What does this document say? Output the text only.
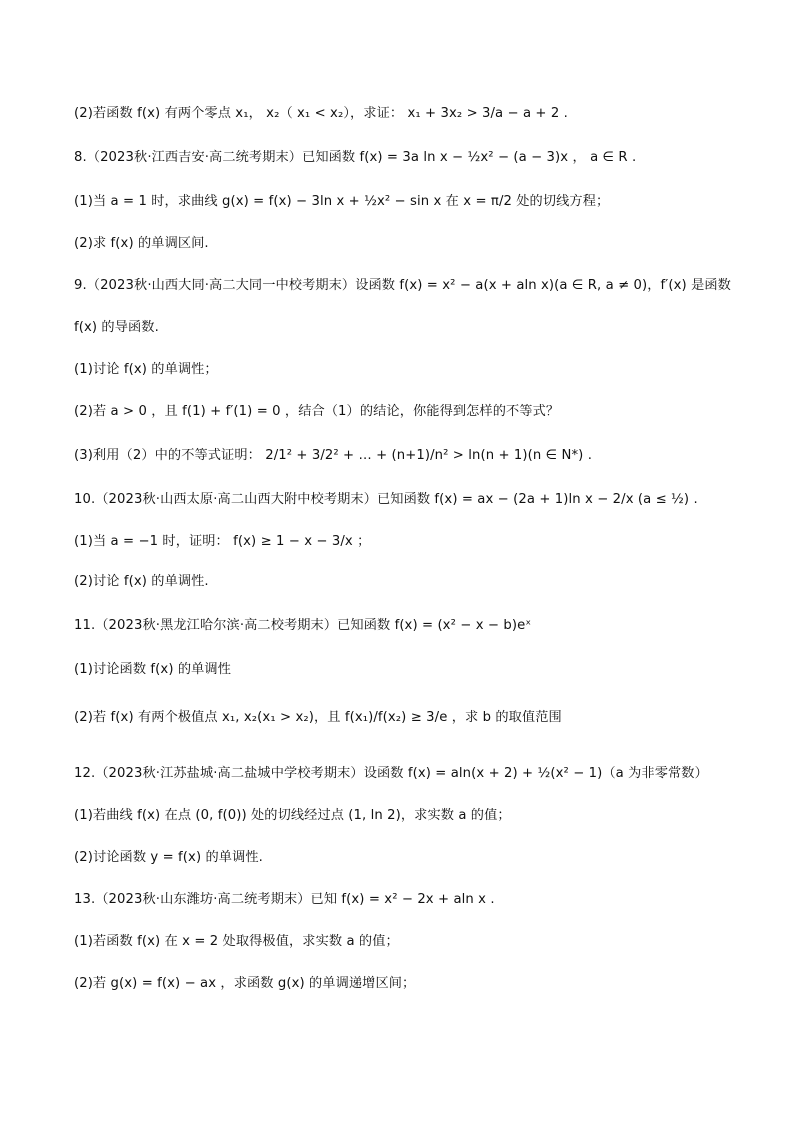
(2)若函数 f(x) 有两个零点 x₁， x₂（ x₁ < x₂），求证： x₁ + 3x₂ > 3/a − a + 2 .
8.（2023秋·江西吉安·高二统考期末）已知函数 f(x) = 3a ln x − ½x² − (a − 3)x ， a ∈ R .
(1)当 a = 1 时，求曲线 g(x) = f(x) − 3ln x + ½x² − sin x 在 x = π/2 处的切线方程；
(2)求 f(x) 的单调区间.
9.（2023秋·山西大同·高二大同一中校考期末）设函数 f(x) = x² − a(x + aln x)(a ∈ R, a ≠ 0)，f′(x) 是函数
f(x) 的导函数.
(1)讨论 f(x) 的单调性；
(2)若 a > 0 ，且 f(1) + f′(1) = 0 ，结合（1）的结论，你能得到怎样的不等式？
(3)利用（2）中的不等式证明： 2/1² + 3/2² + … + (n+1)/n² > ln(n + 1)(n ∈ N*) .
10.（2023秋·山西太原·高二山西大附中校考期末）已知函数 f(x) = ax − (2a + 1)ln x − 2/x (a ≤ ½) .
(1)当 a = −1 时，证明： f(x) ≥ 1 − x − 3/x ；
(2)讨论 f(x) 的单调性.
11.（2023秋·黑龙江哈尔滨·高二校考期末）已知函数 f(x) = (x² − x − b)eˣ
(1)讨论函数 f(x) 的单调性
(2)若 f(x) 有两个极值点 x₁, x₂(x₁ > x₂)，且 f(x₁)/f(x₂) ≥ 3/e ，求 b 的取值范围
12.（2023秋·江苏盐城·高二盐城中学校考期末）设函数 f(x) = aln(x + 2) + ½(x² − 1)（a 为非零常数）
(1)若曲线 f(x) 在点 (0, f(0)) 处的切线经过点 (1, ln 2)，求实数 a 的值；
(2)讨论函数 y = f(x) 的单调性.
13.（2023秋·山东潍坊·高二统考期末）已知 f(x) = x² − 2x + aln x .
(1)若函数 f(x) 在 x = 2 处取得极值，求实数 a 的值；
(2)若 g(x) = f(x) − ax ，求函数 g(x) 的单调递增区间；
